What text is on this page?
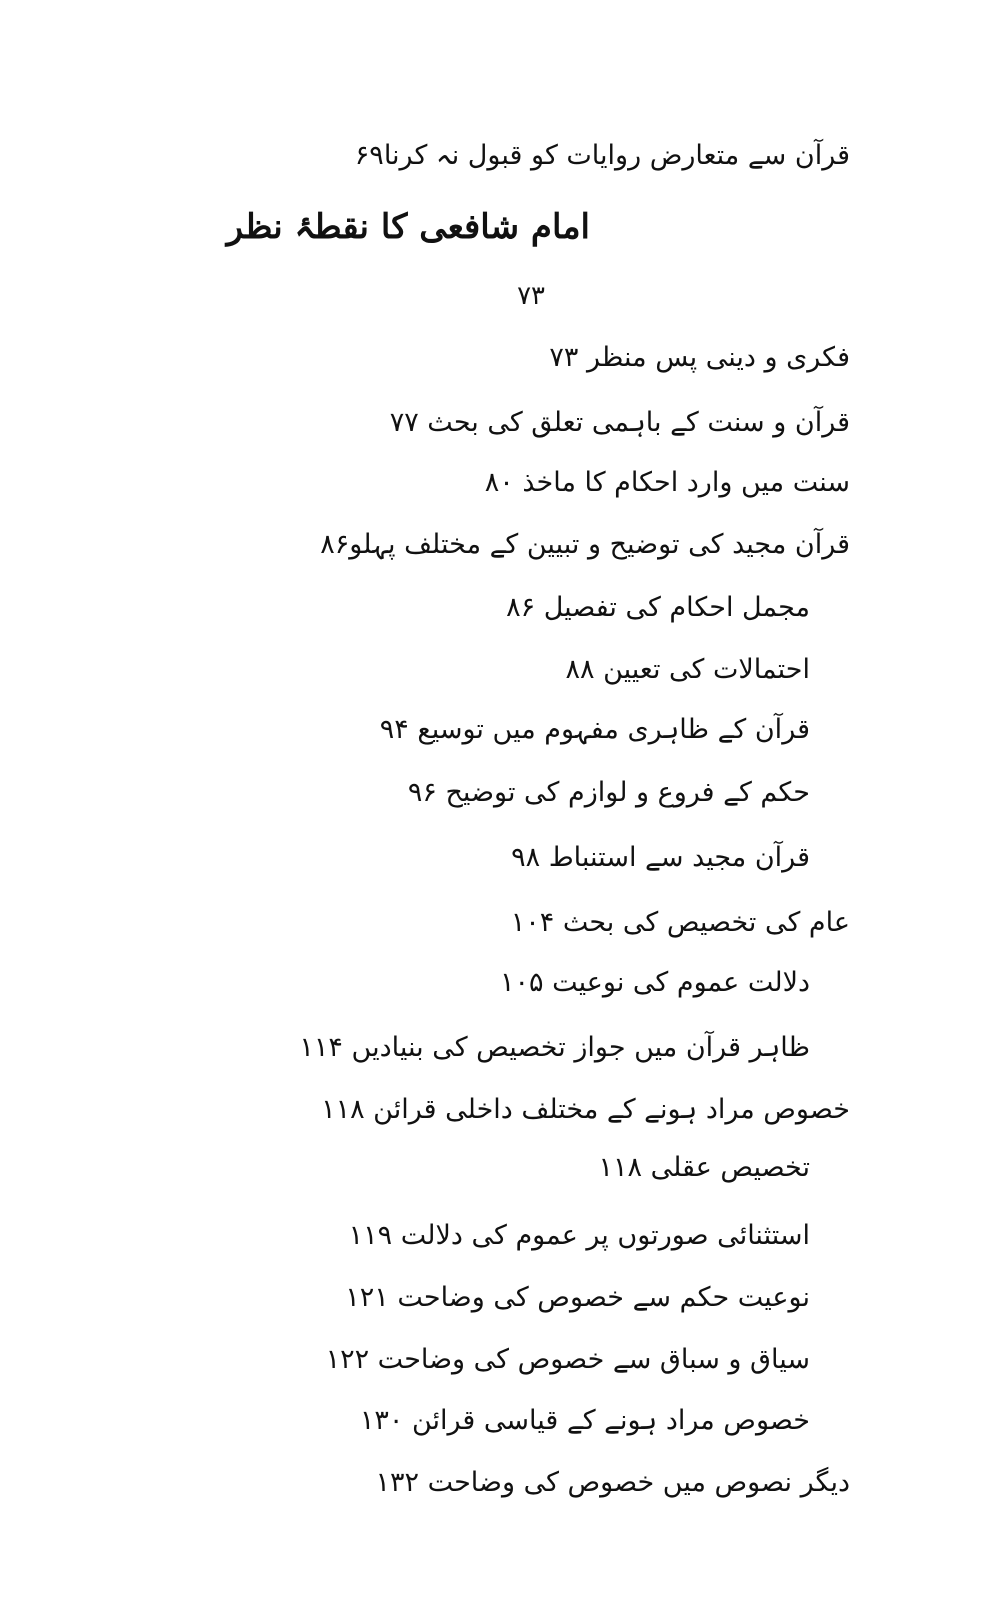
قرآن سے متعارض روایات کو قبول نہ کرنا۶۹
امام شافعی کا نقطۂ نظر
۷۳
فکری و دینی پس منظر ۷۳
قرآن و سنت کے باہمی تعلق کی بحث ۷۷
سنت میں وارد احکام کا ماخذ ۸۰
قرآن مجید کی توضیح و تبیین کے مختلف پہلو۸۶
مجمل احکام کی تفصیل ۸۶
احتمالات کی تعیین ۸۸
قرآن کے ظاہری مفہوم میں توسیع ۹۴
حکم کے فروع و لوازم کی توضیح ۹۶
قرآن مجید سے استنباط ۹۸
عام کی تخصیص کی بحث ۱۰۴
دلالت عموم کی نوعیت ۱۰۵
ظاہر قرآن میں جواز تخصیص کی بنیادیں ۱۱۴
خصوص مراد ہونے کے مختلف داخلی قرائن ۱۱۸
تخصیص عقلی ۱۱۸
استثنائی صورتوں پر عموم کی دلالت ۱۱۹
نوعیت حکم سے خصوص کی وضاحت ۱۲۱
سیاق و سباق سے خصوص کی وضاحت ۱۲۲
خصوص مراد ہونے کے قیاسی قرائن ۱۳۰
دیگر نصوص میں خصوص کی وضاحت ۱۳۲
